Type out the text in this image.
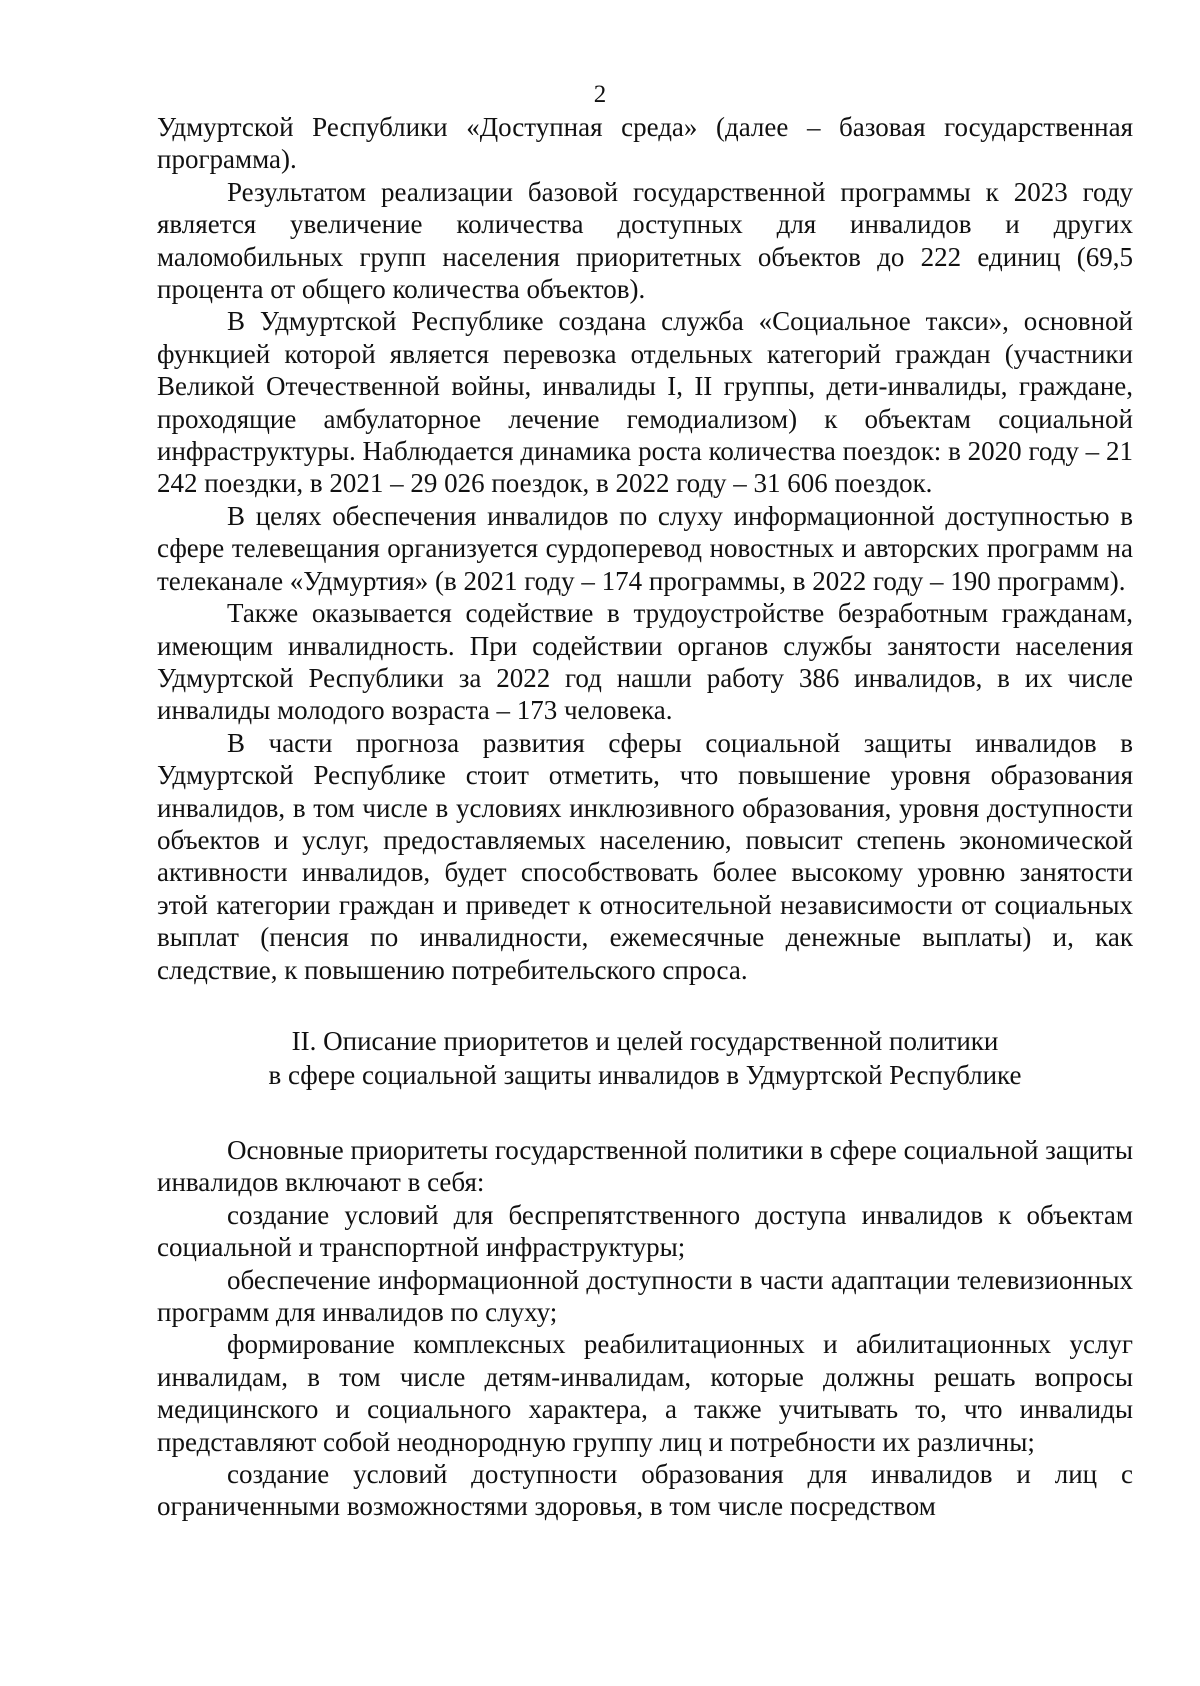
2

Удмуртской Республики «Доступная среда» (далее – базовая государственная программа).

Результатом реализации базовой государственной программы к 2023 году является увеличение количества доступных для инвалидов и других маломобильных групп населения приоритетных объектов до 222 единиц (69,5 процента от общего количества объектов).

В Удмуртской Республике создана служба «Социальное такси», основной функцией которой является перевозка отдельных категорий граждан (участники Великой Отечественной войны, инвалиды I, II группы, дети-инвалиды, граждане, проходящие амбулаторное лечение гемодиализом) к объектам социальной инфраструктуры. Наблюдается динамика роста количества поездок: в 2020 году – 21 242 поездки, в 2021 – 29 026 поездок, в 2022 году – 31 606 поездок.

В целях обеспечения инвалидов по слуху информационной доступностью в сфере телевещания организуется сурдоперевод новостных и авторских программ на телеканале «Удмуртия» (в 2021 году – 174 программы, в 2022 году – 190 программ).

Также оказывается содействие в трудоустройстве безработным гражданам, имеющим инвалидность. При содействии органов службы занятости населения Удмуртской Республики за 2022 год нашли работу 386 инвалидов, в их числе инвалиды молодого возраста – 173 человека.

В части прогноза развития сферы социальной защиты инвалидов в Удмуртской Республике стоит отметить, что повышение уровня образования инвалидов, в том числе в условиях инклюзивного образования, уровня доступности объектов и услуг, предоставляемых населению, повысит степень экономической активности инвалидов, будет способствовать более высокому уровню занятости этой категории граждан и приведет к относительной независимости от социальных выплат (пенсия по инвалидности, ежемесячные денежные выплаты) и, как следствие, к повышению потребительского спроса.

II. Описание приоритетов и целей государственной политики
в сфере социальной защиты инвалидов в Удмуртской Республике

Основные приоритеты государственной политики в сфере социальной защиты инвалидов включают в себя:

создание условий для беспрепятственного доступа инвалидов к объектам социальной и транспортной инфраструктуры;

обеспечение информационной доступности в части адаптации телевизионных программ для инвалидов по слуху;

формирование комплексных реабилитационных и абилитационных услуг инвалидам, в том числе детям-инвалидам, которые должны решать вопросы медицинского и социального характера, а также учитывать то, что инвалиды представляют собой неоднородную группу лиц и потребности их различны;

создание условий доступности образования для инвалидов и лиц с ограниченными возможностями здоровья, в том числе посредством
